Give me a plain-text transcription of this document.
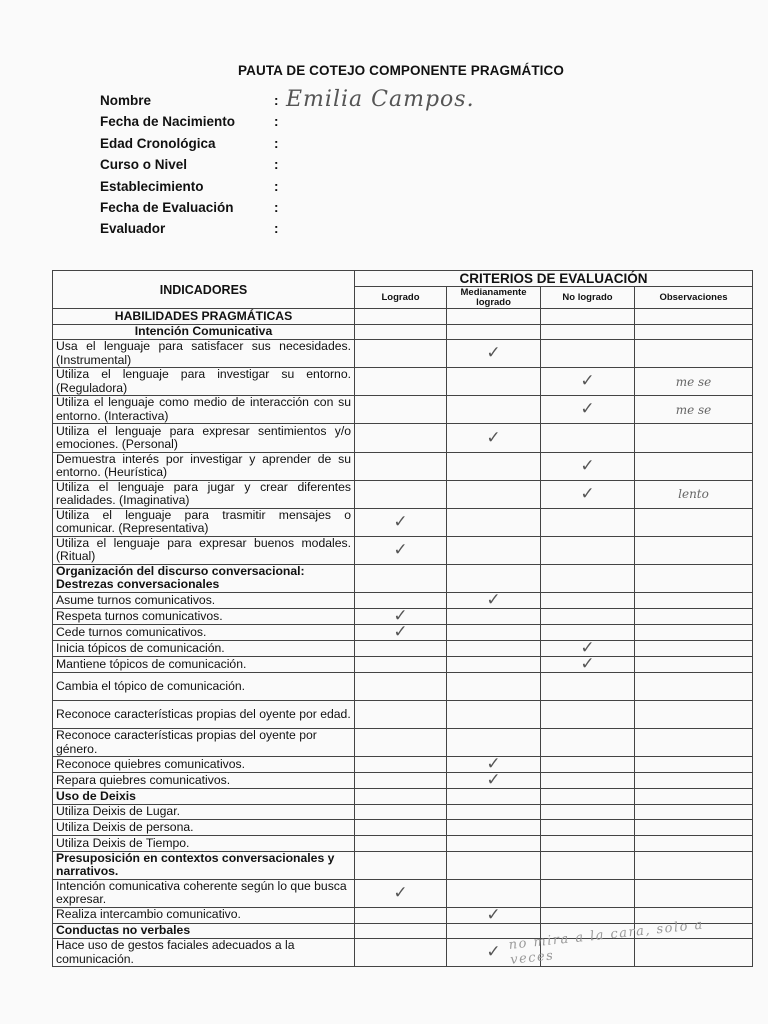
PAUTA DE COTEJO COMPONENTE PRAGMÁTICO
Nombre	: Emilia Campos.
Fecha de Nacimiento	:
Edad Cronológica	:
Curso o Nivel	:
Establecimiento	:
Fecha de Evaluación	:
Evaluador	:
INDICADORES	CRITERIOS DE EVALUACIÓN			
	Logrado	Medianamente logrado	No logrado	Observaciones
HABILIDADES PRAGMÁTICAS				
Intención Comunicativa				
Usa el lenguaje para satisfacer sus necesidades. (Instrumental)		✓		
Utiliza el lenguaje para investigar su entorno. (Reguladora)			✓	me se
Utiliza el lenguaje como medio de interacción con su entorno. (Interactiva)			✓	me se
Utiliza el lenguaje para expresar sentimientos y/o emociones. (Personal)		✓		
Demuestra interés por investigar y aprender de su entorno. (Heurística)			✓	
Utiliza el lenguaje para jugar y crear diferentes realidades. (Imaginativa)			✓	lento
Utiliza el lenguaje para trasmitir mensajes o comunicar. (Representativa)	✓			
Utiliza el lenguaje para expresar buenos modales. (Ritual)	✓			
Organización del discurso conversacional: Destrezas conversacionales				
Asume turnos comunicativos.		✓		
Respeta turnos comunicativos.	✓			
Cede turnos comunicativos.	✓			
Inicia tópicos de comunicación.			✓	
Mantiene tópicos de comunicación.			✓	
Cambia el tópico de comunicación.				
Reconoce características propias del oyente por edad.				
Reconoce características propias del oyente por género.				
Reconoce quiebres comunicativos.		✓		
Repara quiebres comunicativos.		✓		
Uso de Deixis				
Utiliza Deixis de Lugar.				
Utiliza Deixis de persona.				
Utiliza Deixis de Tiempo.				
Presuposición en contextos conversacionales y narrativos.				
Intención comunicativa coherente según lo que busca expresar.	✓			
Realiza intercambio comunicativo.		✓		
Conductas no verbales				
Hace uso de gestos faciales adecuados a la comunicación.		✓		no mira a la cara, solo a veces
